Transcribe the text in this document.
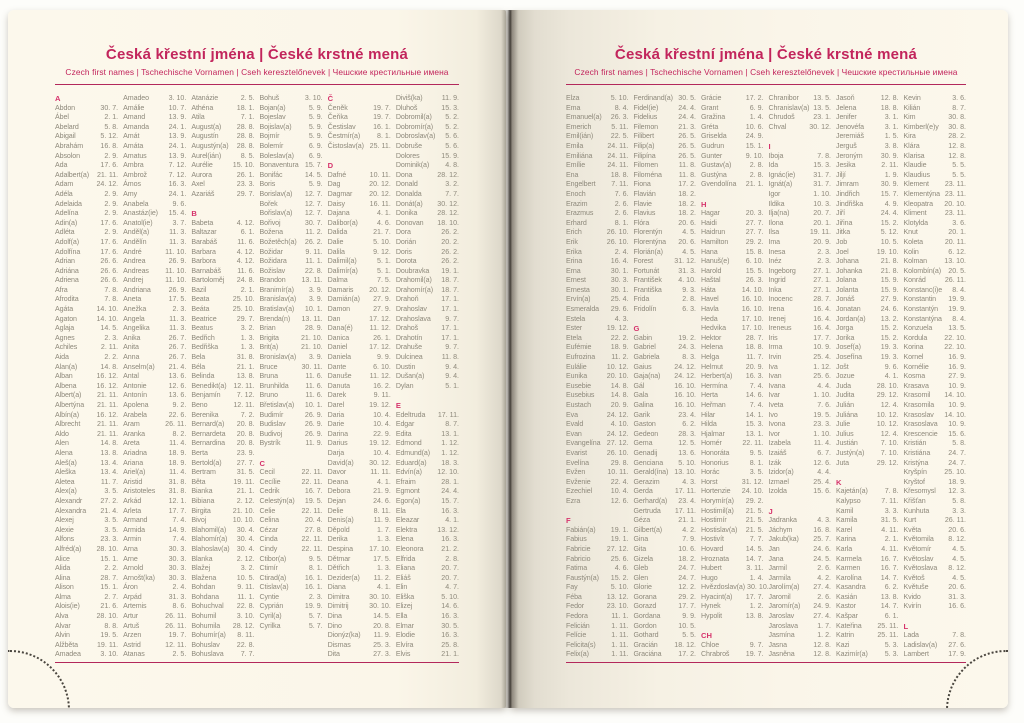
Česká křestní jména | České krstné mená
Czech first names | Tschechische Vornamen | Cseh keresztelőnevek | Чешские крестильные имена
A
Abdon	30. 7.
Ábel	2. 1.
Abelard	5. 8.
Abigail	5. 12.
Abrahám 16. 8.
Absolon	2. 9.
Ada	17. 6.
Adalbert(a) 21. 11.
Adam	24. 12.
Adéla	2. 9.
Adelaida	2. 9.
Adelína	2. 9.
Adin(a)	17. 6.
Adléta	2. 9.
Adolf(a)	17. 6.
Adolfína	17. 6.
Adrian	26. 6.
Adriána	26. 6.
Adriena	26. 6.
Afra	7. 8.
Afrodita	7. 8.
Agáta	14. 10.
Agaton	14. 10.
Aglaja	14. 5.
Agnes	2. 3.
Achiles	2. 11.
Aida	2. 2.
Alan(a)	14. 8.
Alban	16. 12.
Albena	16. 12.
Albert(a) 21. 11.
Albertýna 21. 11.
Albín(a) 16. 12.
Albrecht 21. 11.
Aldo	21. 11.
Alen	14. 8.
Alena	13. 8.
Aleš(a)	13. 4.
Aleška	13. 4.
Aletea	11. 7.
Alex(a)	3. 5.
Alexandr	27. 2.
Alexandra 21. 4.
Alexej	3. 5.
Alexie	3. 5.
Alfons	23. 3.
Alfréd(a) 28. 10.
Alice	15. 1.
Alida	2. 2.
Alina	28. 7.
Alison	15. 1.
Alma	2. 7.
Alois(ie)	21. 6.
Alva	28. 10.
Alvar	8. 8.
Alvin	19. 5.
Alžběta	19. 11.
Amadea	3. 10.
Amadeo	3. 10.
Amálie	10. 7.
Amand	13. 9.
Amanda	24. 1.
Amát	13. 9.
Amáta	24. 1.
Amatus	13. 9.
Ambra	7. 12.
Ambrož	7. 12.
Ámos	16. 3.
Amy	24. 1.
Anabela	9. 6.
Anastáz(ie) 15. 4.
Anatol(ie)	3. 7.
Anděl(a)	11. 3.
Andělín	11. 3.
André	11. 10.
Andrea	26. 9.
Andreas 11. 10.
Andrej	11. 10.
Andriana	26. 9.
Aneta	17. 5.
Anežka	2. 3.
Angela	11. 3.
Angelika	11. 3.
Anika	26. 7.
Anita	26. 7.
Anna	26. 7.
Anselm(a) 21. 4.
Antal	13. 6.
Antonie	12. 6.
Antonín	13. 6.
Apolena	9. 2.
Arabela	22. 6.
Aram	26. 11.
Aranka	8. 2.
Areta	11. 4.
Ariadna	18. 9.
Ariana	18. 9.
Ariel(a)	11. 4.
Aristid	31. 8.
Aristoteles 31. 8.
Arkád	12. 1.
Arleta	17. 7.
Armand	7. 4.
Armida	14. 9.
Armin	7. 4.
Arna	30. 3.
Arne	30. 3.
Arnold	30. 3.
Arnošt(ka) 30. 3.
Áron	2. 4.
Arpád	31. 3.
Artemis	8. 6.
Artur	26. 11.
Artuš	26. 11.
Arzen	19. 7.
Astrid	12. 11.
Atanas	2. 5.
Atanázie	2. 5.
Athéna	18. 1.
Atila	7. 1.
August(a) 28. 8.
Augustín	28. 8.
Augustýn(a) 28. 8.
Aurel(ián)	8. 5.
Aurélie	15. 10.
Aurora	26. 1.
Axel	23. 3.
Azariáš	29. 7.

B
Babeta	4. 12.
Baltazar	6. 1.
Barabáš	11. 6.
Barbara	4. 12.
Barbora	4. 12.
Barnabáš 11. 6.
Bartoloměj 24. 8.
Bazil	2. 1.
Beata	25. 10.
Beáta	25. 10.
Beatrice	29. 7.
Beatus	3. 2.
Bedřich	1. 3.
Bedřiška	1. 3.
Bela	31. 8.
Béla	21. 1.
Belinda	13. 8.
Benedikt(a) 12. 11.
Benjamín 7. 12.
Beno	12. 11.
Berenika	7. 2.
Bernard(a) 20. 8.
Bernardeta 20. 8.
Bernardina 20. 8.
Berta	23. 9.
Bertold(a) 27. 7.
Bertram	31. 5.
Běta	19. 11.
Bianka	21. 1.
Bibiana	2. 12.
Birgita	21. 10.
Bivoj	10. 10.
Blahomil(a) 30. 4.
Blahomír(a) 30. 4.
Blahoslav(a) 30. 4.
Blanka	2. 12.
Blažej	3. 2.
Blažena	10. 5.
Bohdan	9. 11.
Bohdana	11. 1.
Bohuchval 22. 8.
Bohumil	3. 10.
Bohumila 28. 12.
Bohumír(a) 8. 11.
Bohuslav 22. 8.
Bohuslava 7. 7.
Bohuš	3. 10.
Bojan(a)	5. 9.
Bojeslav	5. 9.
Bojislav(a) 5. 9.
Bojmír	5. 9.
Bolemír	6. 9.
Boleslav(a) 6. 9.
Bonaventura 15. 7.
Bonifác	14. 5.
Boris	5. 9.
Borislav(a) 12. 7.
Bořek	12. 7.
Bořislav(a) 12. 7.
Bořivoj	30. 7.
Božena	11. 2.
Božetěch(a) 26. 2.
Božidar	9. 11.
Božidara	11. 1.
Božislav	22. 8.
Brandon 13. 11.
Branimír(a) 3. 9.
Branislav(a) 3. 9.
Bratislav(a) 10. 1.
Brenda(n) 13. 11.
Brian	28. 9.
Brigita	21. 10.
Brit(a)	21. 10.
Bronislav(a) 3. 9.
Bruce	30. 11.
Bruna	11. 6.
Brunhilda 11. 6.
Bruno	11. 6.
Břetislav(a) 10. 1.
Budimír	26. 9.
Budislav	26. 9.
Budivoj	26. 9.
Bystrík	11. 9.

C
Cecil	22. 11.
Cecílie	22. 11.
Cedrik	16. 7.
Celestýn(a) 19. 5.
Celie	22. 11.
Celina	20. 4.
Cézar	27. 8.
Cinda	22. 11.
Cindy	22. 11.
Ctibor(a)	9. 5.
Ctimír	8. 1.
Ctirad(a)	16. 1.
Ctislav(a) 16. 1.
Cyntie	2. 3.
Cyprián	19. 9.
Cyril(a)	5. 7.
Cyrilka	5. 7.
Č
Čeněk	19. 7.
Čeňka	19. 7.
Čestislav 16. 1.
Čestmír(a) 8. 1.
Čistoslav(a) 25. 11.

D
Dafné	10. 11.
Dag	20. 12.
Dagmar 20. 12.
Daisy	16. 11.
Dajana	4. 1.
Dalibor(a)	4. 6.
Dalida	21. 7.
Dalie	5. 10.
Dalila	9. 12.
Dalimil(a)	5. 1.
Dalimír(a)	5. 1.
Dalma	7. 5.
Damaris 20. 12.
Damián(a) 27. 9.
Damon	27. 9.
Dan	17. 12.
Dana(é) 11. 12.
Danica	26. 1.
Daniel	17. 12.
Daniela	9. 9.
Dante	6. 10.
Danuše	11. 12.
Danuta	16. 2.
Darek	9. 11.
Darel	19. 12.
Daria	10. 4.
Darie	10. 4.
Darina	22. 9.
Darius	19. 12.
Darja	10. 4.
David(a) 30. 12.
Davor	11. 11.
Deana	4. 1.
Debora	21. 9.
Dejan	24. 6.
Delie	8. 11.
Denis(a)	11. 9.
Děpold	1. 7.
Derika	1. 3.
Despina 17. 10.
Dětmar	17. 5.
Dětřich	1. 3.
Dezider(a) 11. 2.
Diana	4. 1.
Dimitra	30. 10.
Dimitrij	30. 10.
Dina	14. 5.
Dino	20. 8.
Dionýz(ka) 11. 9.
Dismas	25. 3.
Dita	27. 3.
Diviš(ka)	11. 9.
Dluhoš	15. 3.
Dobromil(a) 5. 2.
Dobromír(a) 5. 2.
Dobroslav(a) 5. 6.
Dobruše	5. 6.
Dolores	15. 9.
Dominik(a) 4. 8.
Dona	28. 12.
Donald	3. 2.
Donalda	7. 7.
Donát(a) 30. 12.
Donika	28. 12.
Donovan 18. 10.
Dora	26. 2.
Dorián	20. 2.
Doris	26. 2.
Dorota	26. 2.
Doubravka 19. 1.
Drahomil(a) 18. 7.
Drahomír(a) 18. 7.
Drahoň	17. 1.
Drahoslav 17. 1.
Drahoslava 9. 7.
Drahoš	17. 1.
Drahotín	17. 1.
Drahuše	9. 7.
Dulcinea	11. 8.
Dustin	9. 4.
Dušan(a)	9. 4.
Dylan	5. 1.

E
Edeltruda 17. 11.
Edgar	8. 7.
Edita	13. 1.
Edmond	1. 12.
Edmund(a) 1. 12.
Eduard(a) 18. 3.
Edvín(a) 12. 10.
Efraim	28. 1.
Egmont	24. 4.
Egon(a)	15. 7.
Ela	16. 3.
Eleazar	4. 1.
Elektra	13. 12.
Elena	16. 3.
Eleonora	21. 2.
Elfrida	2. 8.
Eliana	20. 7.
Eliáš	20. 7.
Elin	4. 7.
Eliška	5. 10.
Elizej	14. 6.
Ella	16. 3.
Elmar	30. 5.
Elodie	16. 3.
Elvíra	25. 8.
Elvis	21. 1.
Česká křestní jména | České krstné mená
Czech first names | Tschechische Vornamen | Cseh keresztelőnevek | Чешские крестильные имена
Elza	5. 10.
Ema	8. 4.
Emanuel(a) 26. 3.
Emerich	5. 11.
Emil(ián) 22. 5.
Emila	24. 11.
Emiliána 24. 11.
Emílie	24. 11.
Ena	18. 8.
Engelbert 7. 11.
Enoch	7. 6.
Erazim	2. 6.
Erazmus	2. 6.
Erhard	8. 1.
Erich	26. 10.
Erik	26. 10.
Erika	2. 4.
Erina	16. 4.
Erna	30. 1.
Ernest	30. 3.
Ernesta	30. 1.
Ervín(a)	25. 4.
Esmeralda 29. 6.
Estela	4. 3.
Ester	19. 12.
Etela	22. 2.
Eufémie	18. 9.
Eufrozina 11. 2.
Eulálie	10. 12.
Eunika	20. 10.
Eusebie	14. 8.
Eusebius 14. 8.
Eustach	20. 9.
Eva	24. 12.
Evald	4. 10.
Evan	24. 12.
Evangelína 27. 12.
Evarist	26. 10.
Evelína	29. 8.
Evžen	10. 11.
Evženie	22. 4.
Ezechiel	10. 4.
Ezra	12. 6.

F
Fabián(a) 19. 1.
Fabius	19. 1.
Fabricie 27. 12.
Fabricio	25. 6.
Fatima	4. 6.
Faustýn(a) 15. 2.
Fay	5. 10.
Féba	13. 12.
Fedor	23. 10.
Fedora	11. 1.
Felicián	1. 11.
Felície	1. 11.
Felicita(s) 1. 11.
Felix(a)	1. 11.
Ferdinand(a) 30. 5.
Fidel(ie)	24. 4.
Fidelius	24. 4.
Filemon	21. 3.
Filibert	26. 5.
Filip(a)	26. 5.
Filipína	26. 5.
Filomen	11. 8.
Filoména 11. 8.
Fiona	17. 2.
Flavián	18. 2.
Flavie	18. 2.
Flavius	18. 2.
Flóra	20. 6.
Florentýn	4. 5.
Florentýna 20. 6.
Florián(a)	4. 5.
Forest	31. 12.
Fortunát	31. 3.
František 4. 10.
Františka	9. 3.
Frida	2. 8.
Fridolín	6. 3.

G
Gabin	19. 2.
Gabriel	24. 3.
Gabriela	8. 3.
Gaius	24. 12.
Gaja(na) 24. 12.
Gál	16. 10.
Gala	16. 10.
Galina	16. 10.
Garik	23. 4.
Gaston	6. 2.
Gedeon	28. 3.
Gema	12. 5.
Genadij	13. 6.
Genciana 5. 10.
Gerald(ína) 13. 10.
Gerazim	4. 3.
Gerda	17. 11.
Gerhard(a) 23. 4.
Gertruda 17. 11.
Géza	21. 1.
Gilbert(a)	4. 2.
Gina	7. 9.
Gita	10. 6.
Gizela	18. 2.
Gleb	24. 7.
Glen	24. 7.
Glorie	12. 2.
Gorana	29. 2.
Gorazd	17. 7.
Gordana	9. 9.
Gordon	10. 5.
Gothard	5. 5.
Gracián 18. 12.
Graciána 17. 2.
Grácie	17. 2.
Grant	6. 9.
Gražina	1. 4.
Gréta	10. 6.
Griselda	24. 9.
Gudrun	15. 1.
Gunter	9. 10.
Gustav(a)	2. 8.
Gustýna	2. 8.
Gvendolína 21. 1.

H
Hagar	20. 3.
Haidi	27. 7.
Haidrun	27. 7.
Hamilton 29. 2.
Hana	15. 8.
Hanuš(e) 6. 10.
Harold	15. 5.
Haštal	26. 3.
Háta	14. 10.
Havel	16. 10.
Havla	16. 10.
Heda	17. 10.
Hedvika 17. 10.
Hektor	28. 7.
Helena	18. 8.
Helga	11. 7.
Helmut	20. 9.
Herbert(a) 16. 3.
Hermína	7. 4.
Herta	14. 6.
Heřman	7. 4.
Hilar	14. 1.
Hilda	15. 3.
Hjalmar	13. 1.
Homér	22. 11.
Honoráta	9. 5.
Honorius	8. 1.
Horác	3. 5.
Horst	31. 12.
Hortenzie 24. 10.
Horymír(a) 29. 2.
Hostimil(a) 21. 5.
Hostimír	21. 5.
Hostislav(a) 21. 5.
Hostivít	7. 7.
Hovard	14. 5.
Hroznata 14. 7.
Hubert	3. 11.
Hugo	1. 4.
Hvězdoslav(a) 30. 10.
Hyacint(a) 17. 7.
Hynek	1. 2.
Hypolit	13. 8.

CH
Chloe	9. 7.
Chrabroš 19. 7.
Chranibor 13. 5.
Chranislav(a) 13. 5.
Chrudoš	23. 1.
Chval	30. 12.

I
Iboja	7. 8.
Ida	15. 3.
Ignác(ie)	31. 7.
Ignát(a)	31. 7.
Igor	1. 10.
Ildika	10. 3.
Ilja(na)	20. 7.
Ilona	20. 1.
Ilsa	19. 11.
Ima	20. 9.
Inesa	2. 3.
Inéz	2. 3.
Ingeborg 27. 1.
Ingrid	27. 1.
Inka	27. 1.
Inocenc	28. 7.
Irena	16. 4.
Irenej	16. 4.
Ireneus	16. 4.
Iris	17. 7.
Irma	10. 9.
Irvin	25. 4.
Iva	1. 12.
Ivan	25. 6.
Ivana	4. 4.
Ivar	1. 10.
Iveta	7. 6.
Ivo	19. 5.
Ivona	23. 3.
Ivor	1. 10.
Izabela	11. 4.
Izaiáš	6. 7.
Izák	12. 6.
Izidor(a)	4. 4.
Izmael	25. 4.
Izolda	15. 6.

J
Jadranka	4. 3.
Jáchym	16. 8.
Jakub(ka) 25. 7.
Jan	24. 6.
Jana	24. 5.
Jarmil	2. 6.
Jarmila	4. 2.
Jarolím(a) 27. 4.
Jaromil	2. 6.
Jaromír(a) 24. 9.
Jaroslav	27. 4.
Jaroslava	1. 7.
Jasmína	1. 2.
Jasna	12. 8.
Jasněna	12. 8.
Jasoň	12. 8.
Jelena	18. 8.
Jenifer	3. 1.
Jenovéfa	3. 1.
Jeremiáš	1. 5.
Jerguš	3. 8.
Jeroným	30. 9.
Jesika	2. 11.
Jiljí	1. 9.
Jimram	30. 9.
Jindřich	15. 7.
Jindřiška	4. 9.
Jiří	24. 4.
Jiřina	15. 2.
Jitka	5. 12.
Job	10. 5.
Joel	19. 10.
Johana	21. 8.
Johanka	21. 8.
Jolana	15. 9.
Jolanta	15. 9.
Jonáš	27. 9.
Jonatan	24. 6.
Jordan(a) 13. 2.
Jorga	15. 2.
Jorika	15. 2.
Josef(a)	19. 3.
Josefína	19. 3.
Jošt	9. 6.
Jozue	4. 1.
Juda	28. 10.
Judita	29. 12.
Julián	12. 4.
Juliána	10. 12.
Julie	10. 12.
Julius	12. 4.
Justián	7. 10.
Justýn(a) 7. 10.
Juta	29. 12.

K
Kajetán(a) 7. 8.
Kalypso	7. 11.
Kamil	3. 3.
Kamila	31. 5.
Karel	4. 11.
Karina	2. 1.
Karla	4. 11.
Karmela	16. 7.
Karmen	16. 7.
Karolína	14. 7.
Kasandra	6. 2.
Kasián	13. 8.
Kastor	14. 7.
Kašpar	6. 1.
Kateřina 25. 11.
Katrin	25. 11.
Kazi	5. 3.
Kazimír(a) 5. 3.
Kevin	3. 6.
Kilián	8. 7.
Kim	30. 8.
Kimberl(e)y 30. 8.
Kira	28. 2.
Klára	12. 8.
Klarisa	12. 8.
Klaudie	5. 5.
Klaudius	5. 5.
Klement 23. 11.
Klementýna 23. 11.
Kleopatra 20. 10.
Kliment	23. 11.
Klotylda	3. 6.
Knut	20. 1.
Koleta	20. 11.
Kolin	6. 12.
Kolman 13. 10.
Kolombín(a) 20. 5.
Konrád	26. 11.
Konstanc(i)e 8. 4.
Konstantin 19. 9.
Konstantýn 19. 9.
Konstantýna 8. 4.
Konzuela 13. 5.
Kordula 22. 10.
Korina	22. 10.
Kornel	16. 9.
Kornélie	16. 9.
Kosma	27. 9.
Krasava	10. 9.
Krasomil 14. 10.
Krasomila 10. 9.
Krasoslav 14. 10.
Krasoslava 10. 9.
Krescencie 15. 6.
Kristián	5. 8.
Kristiána	24. 7.
Kristýna	24. 7.
Kryšpín 25. 10.
Kryštof	18. 9.
Křesomysl 12. 3.
Křišťan	5. 8.
Kunhuta	3. 3.
Kurt	26. 11.
Květa	20. 6.
Květomila 8. 12.
Květomír	4. 5.
Květoslav	4. 5.
Květoslava 8. 12.
Květoš	4. 5.
Květuše	20. 6.
Kvido	31. 3.
Kvirín	16. 6.

L
Lada	7. 8.
Ladislav(a) 27. 6.
Lambert	17. 9.
